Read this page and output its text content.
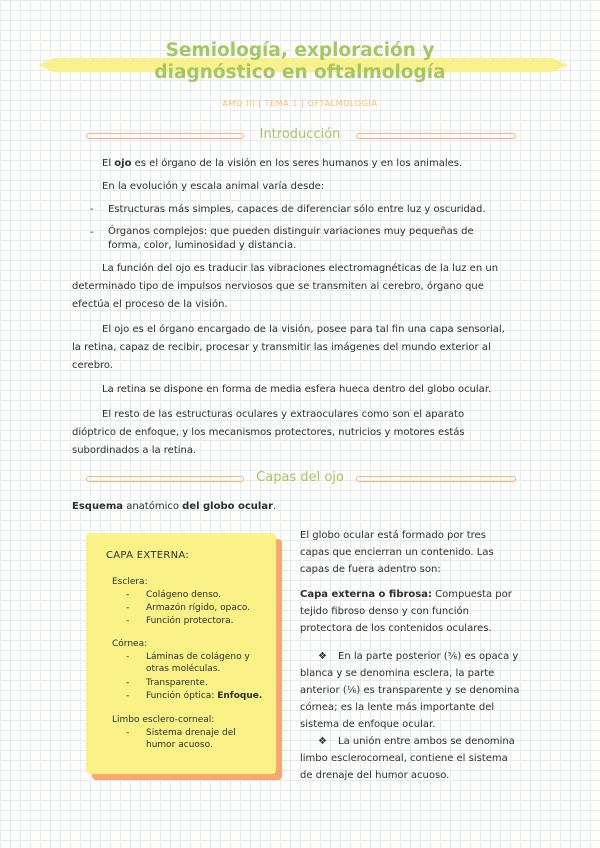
Semiología, exploración y
diagnóstico en oftalmología
AMQ III | TEMA 1 | OFTALMOLOGÍA
Introducción
El ojo es el órgano de la visión en los seres humanos y en los animales.
En la evolución y escala animal varía desde:
- Estructuras más simples, capaces de diferenciar sólo entre luz y oscuridad.
- Órganos complejos: que pueden distinguir variaciones muy pequeñas de
forma, color, luminosidad y distancia.
La función del ojo es traducir las vibraciones electromagnéticas de la luz en un
determinado tipo de impulsos nerviosos que se transmiten al cerebro, órgano que
efectúa el proceso de la visión.
El ojo es el órgano encargado de la visión, posee para tal fin una capa sensorial,
la retina, capaz de recibir, procesar y transmitir las imágenes del mundo exterior al
cerebro.
La retina se dispone en forma de media esfera hueca dentro del globo ocular.
El resto de las estructuras oculares y extraoculares como son el aparato
dióptrico de enfoque, y los mecanismos protectores, nutricios y motores estás
subordinados a la retina.
Capas del ojo
Esquema anatómico del globo ocular.
CAPA EXTERNA:
Esclera:
- Colágeno denso.
- Armazón rígido, opaco.
- Función protectora.
Córnea:
- Láminas de colágeno y
otras moléculas.
- Transparente.
- Función óptica: Enfoque.
Limbo esclero-corneal:
- Sistema drenaje del
humor acuoso.
El globo ocular está formado por tres
capas que encierran un contenido. Las
capas de fuera adentro son:
Capa externa o fibrosa: Compuesta por
tejido fibroso denso y con función
protectora de los contenidos oculares.
❖	En la parte posterior (⅚) es opaca y
blanca y se denomina esclera, la parte
anterior (⅙) es transparente y se denomina
córnea; es la lente más importante del
sistema de enfoque ocular.
❖	La unión entre ambos se denomina
limbo esclerocorneal, contiene el sistema
de drenaje del humor acuoso.
